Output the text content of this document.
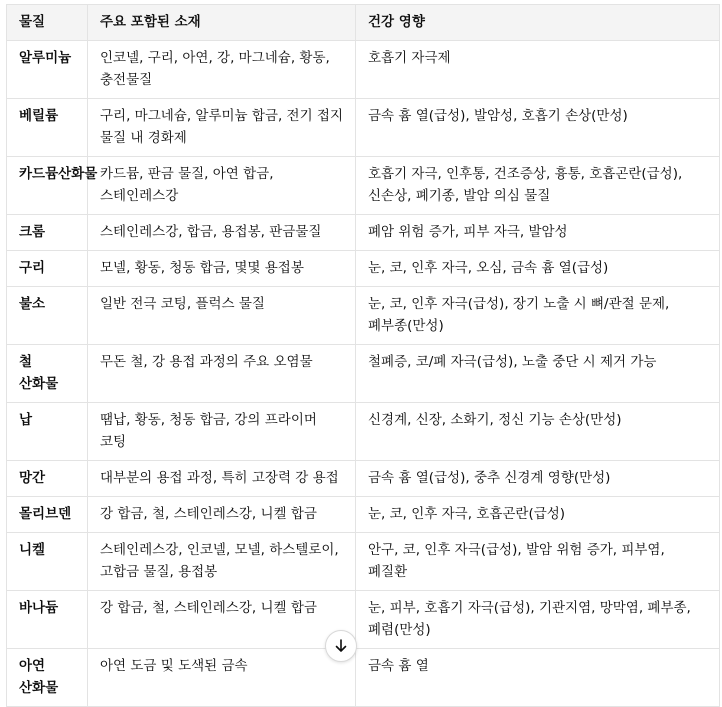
물질	주요 포함된 소재	건강 영향
알루미늄	인코넬, 구리, 아연, 강, 마그네슘, 황동, 충전물질	호흡기 자극제
베릴륨	구리, 마그네슘, 알루미늄 합금, 전기 접지 물질 내 경화제	금속 흄 열(급성), 발암성, 호흡기 손상(만성)
카드뮴산화물	카드뮴, 판금 물질, 아연 합금, 스테인레스강	호흡기 자극, 인후통, 건조증상, 흉통, 호흡곤란(급성), 신손상, 폐기종, 발암 의심 물질
크롬	스테인레스강, 합금, 용접봉, 판금물질	폐암 위험 증가, 피부 자극, 발암성
구리	모넬, 황동, 청동 합금, 몇몇 용접봉	눈, 코, 인후 자극, 오심, 금속 흄 열(급성)
불소	일반 전극 코팅, 플럭스 물질	눈, 코, 인후 자극(급성), 장기 노출 시 뼈/관절 문제, 폐부종(만성)
철 산화물	무돈 철, 강 용접 과정의 주요 오염물	철폐증, 코/폐 자극(급성), 노출 중단 시 제거 가능
납	땜납, 황동, 청동 합금, 강의 프라이머 코팅	신경계, 신장, 소화기, 정신 기능 손상(만성)
망간	대부분의 용접 과정, 특히 고장력 강 용접	금속 흄 열(급성), 중추 신경계 영향(만성)
몰리브덴	강 합금, 철, 스테인레스강, 니켈 합금	눈, 코, 인후 자극, 호흡곤란(급성)
니켈	스테인레스강, 인코넬, 모넬, 하스텔로이, 고합금 물질, 용접봉	안구, 코, 인후 자극(급성), 발암 위험 증가, 피부염, 폐질환
바나듐	강 합금, 철, 스테인레스강, 니켈 합금	눈, 피부, 호흡기 자극(급성), 기관지염, 망막염, 폐부종, 폐렴(만성)
아연 산화물	아연 도금 및 도색된 금속	금속 흄 열
